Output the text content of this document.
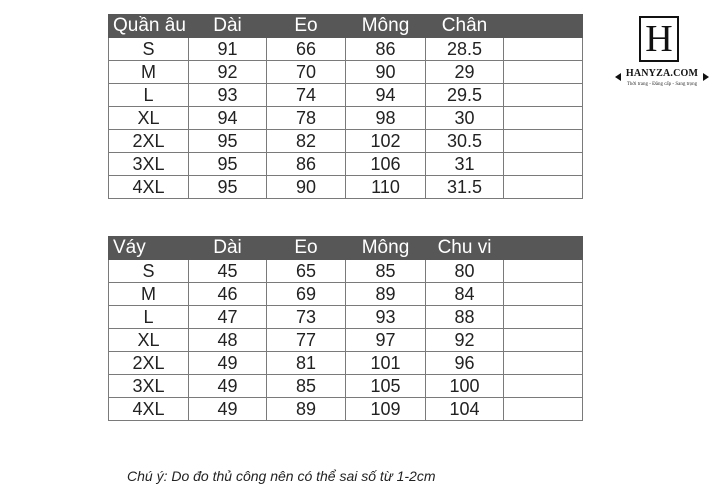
Quần âu	Dài	Eo	Mông	Chân	
S	91	66	86	28.5	
M	92	70	90	29	
L	93	74	94	29.5	
XL	94	78	98	30	
2XL	95	82	102	30.5	
3XL	95	86	106	31	
4XL	95	90	110	31.5	
Váy	Dài	Eo	Mông	Chu vi	
S	45	65	85	80	
M	46	69	89	84	
L	47	73	93	88	
XL	48	77	97	92	
2XL	49	81	101	96	
3XL	49	85	105	100	
4XL	49	89	109	104	
H
HANYZA.COM
Thời trang - Đẳng cấp - Sang trọng
Chú ý: Do đo thủ công nên có thể sai số từ 1-2cm
